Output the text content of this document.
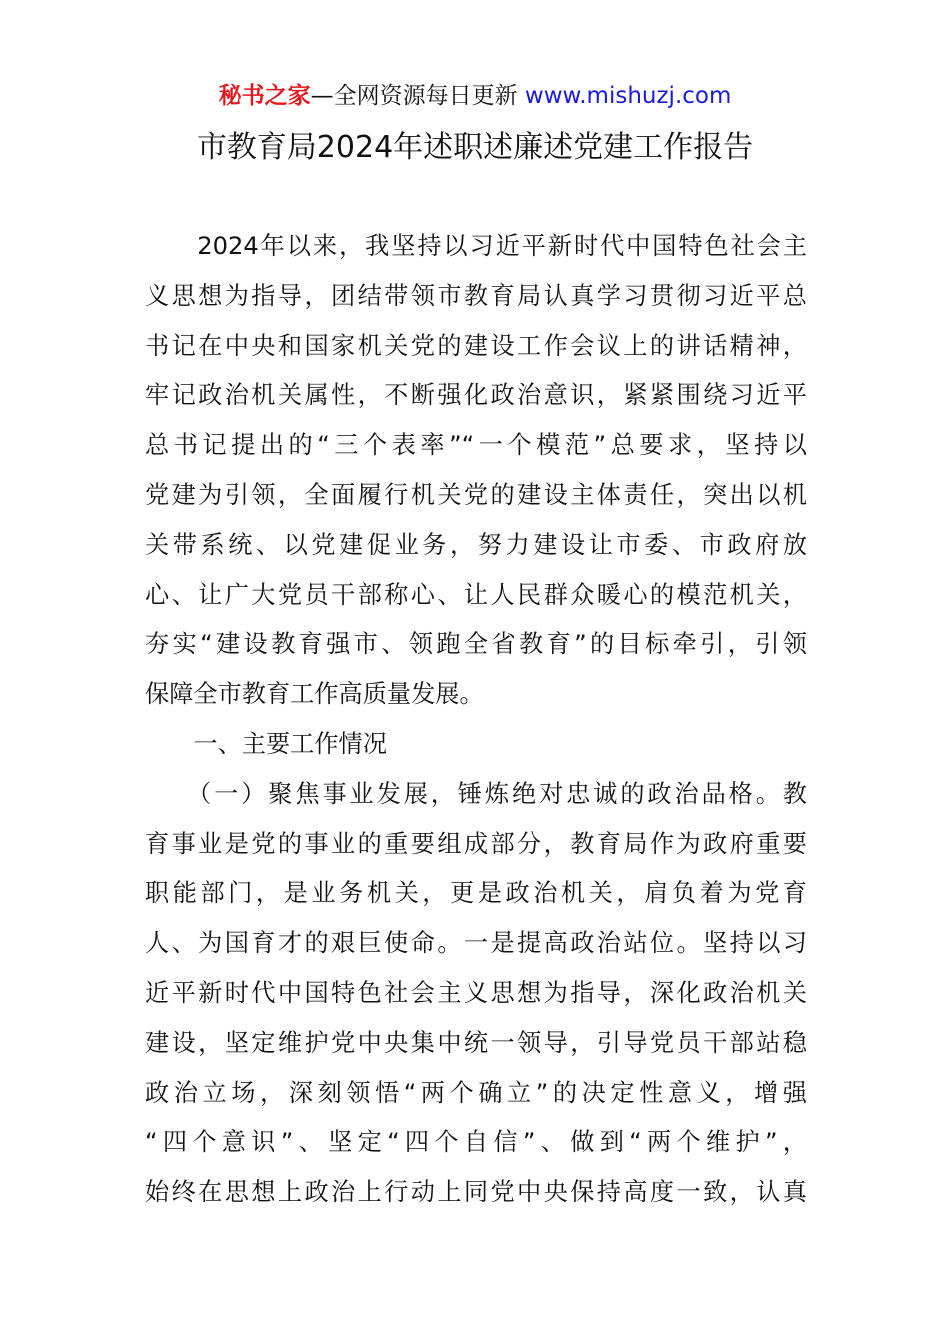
秘书之家—全网资源每日更新 www.mishuzj.com
市教育局2024年述职述廉述党建工作报告
　　2024年以来，我坚持以习近平新时代中国特色社会主
义思想为指导，团结带领市教育局认真学习贯彻习近平总
书记在中央和国家机关党的建设工作会议上的讲话精神，
牢记政治机关属性，不断强化政治意识，紧紧围绕习近平
总书记提出的“三个表率”“一个模范”总要求，坚持以
党建为引领，全面履行机关党的建设主体责任，突出以机
关带系统、以党建促业务，努力建设让市委、市政府放
心、让广大党员干部称心、让人民群众暖心的模范机关，
夯实“建设教育强市、领跑全省教育”的目标牵引，引领
保障全市教育工作高质量发展。
　　一、主要工作情况
　　（一）聚焦事业发展，锤炼绝对忠诚的政治品格。教
育事业是党的事业的重要组成部分，教育局作为政府重要
职能部门，是业务机关，更是政治机关，肩负着为党育
人、为国育才的艰巨使命。一是提高政治站位。坚持以习
近平新时代中国特色社会主义思想为指导，深化政治机关
建设，坚定维护党中央集中统一领导，引导党员干部站稳
政治立场，深刻领悟“两个确立”的决定性意义，增强
“四个意识”、坚定“四个自信”、做到“两个维护”，
始终在思想上政治上行动上同党中央保持高度一致，认真
